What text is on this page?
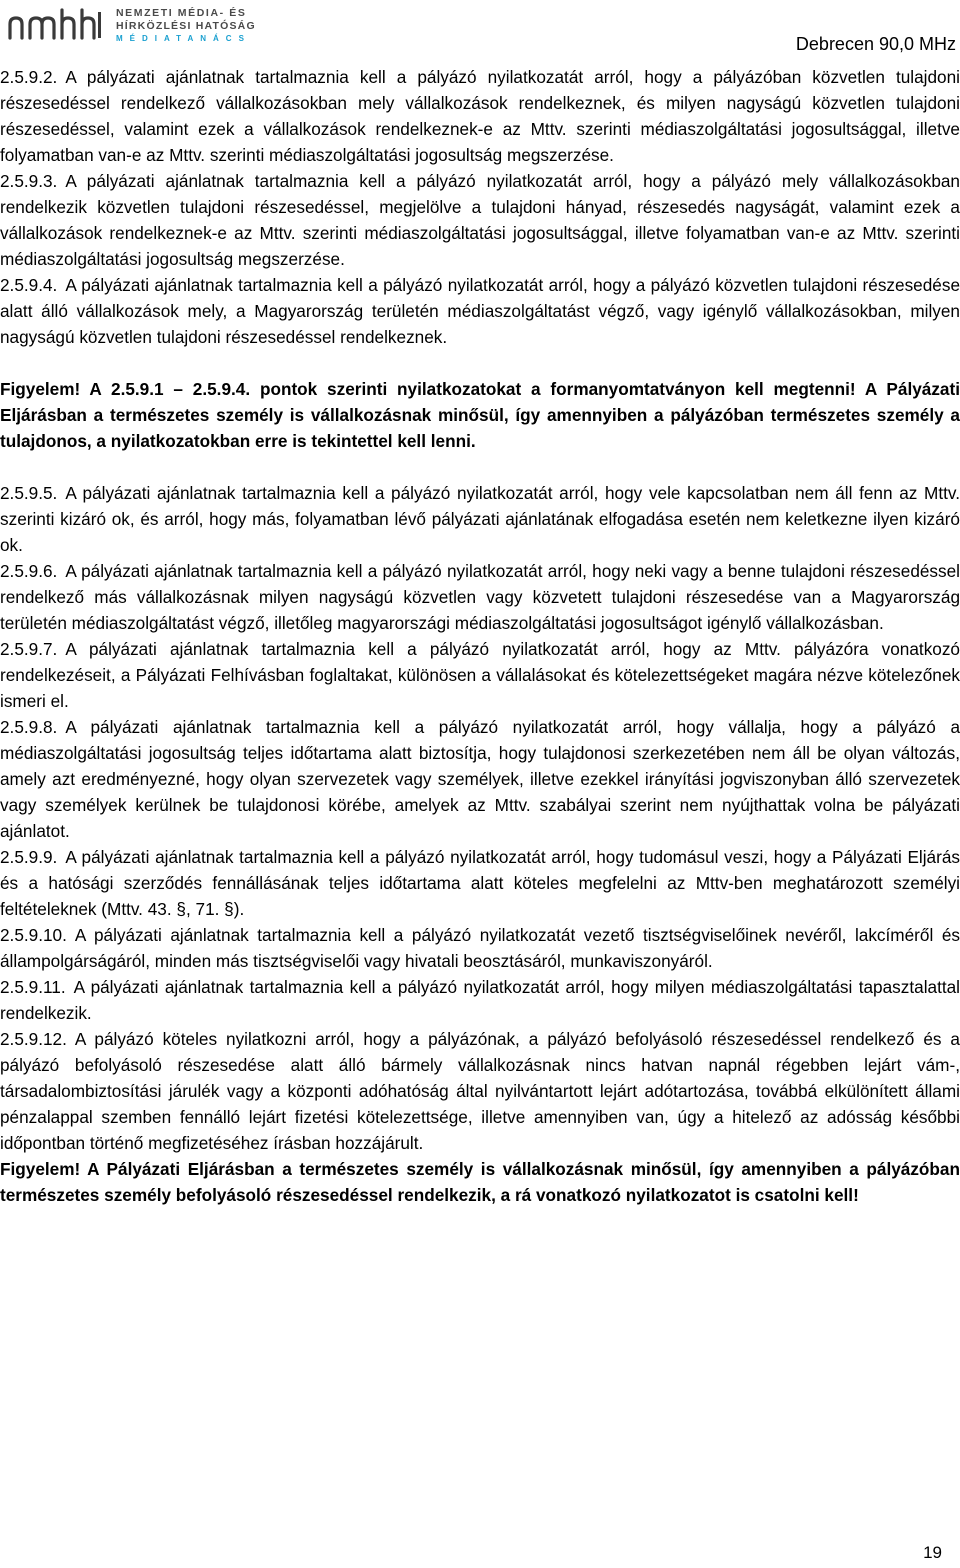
NEMZETI MÉDIA- ÉS
HÍRKÖZLÉSI HATÓSÁG
MÉDIATANÁCS	Debrecen 90,0 MHz

2.5.9.2. A pályázati ajánlatnak tartalmaznia kell a pályázó nyilatkozatát arról, hogy a pályázóban közvetlen tulajdoni részesedéssel rendelkező vállalkozásokban mely vállalkozások rendelkeznek, és milyen nagyságú közvetlen tulajdoni részesedéssel, valamint ezek a vállalkozások rendelkeznek-e az Mttv. szerinti médiaszolgáltatási jogosultsággal, illetve folyamatban van-e az Mttv. szerinti médiaszolgáltatási jogosultság megszerzése.

2.5.9.3. A pályázati ajánlatnak tartalmaznia kell a pályázó nyilatkozatát arról, hogy a pályázó mely vállalkozásokban rendelkezik közvetlen tulajdoni részesedéssel, megjelölve a tulajdoni hányad, részesedés nagyságát, valamint ezek a vállalkozások rendelkeznek-e az Mttv. szerinti médiaszolgáltatási jogosultsággal, illetve folyamatban van-e az Mttv. szerinti médiaszolgáltatási jogosultság megszerzése.

2.5.9.4. A pályázati ajánlatnak tartalmaznia kell a pályázó nyilatkozatát arról, hogy a pályázó közvetlen tulajdoni részesedése alatt álló vállalkozások mely, a Magyarország területén médiaszolgáltatást végző, vagy igénylő vállalkozásokban, milyen nagyságú közvetlen tulajdoni részesedéssel rendelkeznek.

Figyelem! A 2.5.9.1 – 2.5.9.4. pontok szerinti nyilatkozatokat a formanyomtatványon kell megtenni! A Pályázati Eljárásban a természetes személy is vállalkozásnak minősül, így amennyiben a pályázóban természetes személy a tulajdonos, a nyilatkozatokban erre is tekintettel kell lenni.

2.5.9.5. A pályázati ajánlatnak tartalmaznia kell a pályázó nyilatkozatát arról, hogy vele kapcsolatban nem áll fenn az Mttv. szerinti kizáró ok, és arról, hogy más, folyamatban lévő pályázati ajánlatának elfogadása esetén nem keletkezne ilyen kizáró ok.

2.5.9.6. A pályázati ajánlatnak tartalmaznia kell a pályázó nyilatkozatát arról, hogy neki vagy a benne tulajdoni részesedéssel rendelkező más vállalkozásnak milyen nagyságú közvetlen vagy közvetett tulajdoni részesedése van a Magyarország területén médiaszolgáltatást végző, illetőleg magyarországi médiaszolgáltatási jogosultságot igénylő vállalkozásban.

2.5.9.7. A pályázati ajánlatnak tartalmaznia kell a pályázó nyilatkozatát arról, hogy az Mttv. pályázóra vonatkozó rendelkezéseit, a Pályázati Felhívásban foglaltakat, különösen a vállalásokat és kötelezettségeket magára nézve kötelezőnek ismeri el.

2.5.9.8. A pályázati ajánlatnak tartalmaznia kell a pályázó nyilatkozatát arról, hogy vállalja, hogy a pályázó a médiaszolgáltatási jogosultság teljes időtartama alatt biztosítja, hogy tulajdonosi szerkezetében nem áll be olyan változás, amely azt eredményezné, hogy olyan szervezetek vagy személyek, illetve ezekkel irányítási jogviszonyban álló szervezetek vagy személyek kerülnek be tulajdonosi körébe, amelyek az Mttv. szabályai szerint nem nyújthattak volna be pályázati ajánlatot.

2.5.9.9. A pályázati ajánlatnak tartalmaznia kell a pályázó nyilatkozatát arról, hogy tudomásul veszi, hogy a Pályázati Eljárás és a hatósági szerződés fennállásának teljes időtartama alatt köteles megfelelni az Mttv-ben meghatározott személyi feltételeknek (Mttv. 43. §, 71. §).

2.5.9.10. A pályázati ajánlatnak tartalmaznia kell a pályázó nyilatkozatát vezető tisztségviselőinek nevéről, lakcíméről és állampolgárságáról, minden más tisztségviselői vagy hivatali beosztásáról, munkaviszonyáról.

2.5.9.11. A pályázati ajánlatnak tartalmaznia kell a pályázó nyilatkozatát arról, hogy milyen médiaszolgáltatási tapasztalattal rendelkezik.

2.5.9.12. A pályázó köteles nyilatkozni arról, hogy a pályázónak, a pályázó befolyásoló részesedéssel rendelkező és a pályázó befolyásoló részesedése alatt álló bármely vállalkozásnak nincs hatvan napnál régebben lejárt vám-, társadalombiztosítási járulék vagy a központi adóhatóság által nyilvántartott lejárt adótartozása, továbbá elkülönített állami pénzalappal szemben fennálló lejárt fizetési kötelezettsége, illetve amennyiben van, úgy a hitelező az adósság későbbi időpontban történő megfizetéséhez írásban hozzájárult.

Figyelem! A Pályázati Eljárásban a természetes személy is vállalkozásnak minősül, így amennyiben a pályázóban természetes személy befolyásoló részesedéssel rendelkezik, a rá vonatkozó nyilatkozatot is csatolni kell!

19
